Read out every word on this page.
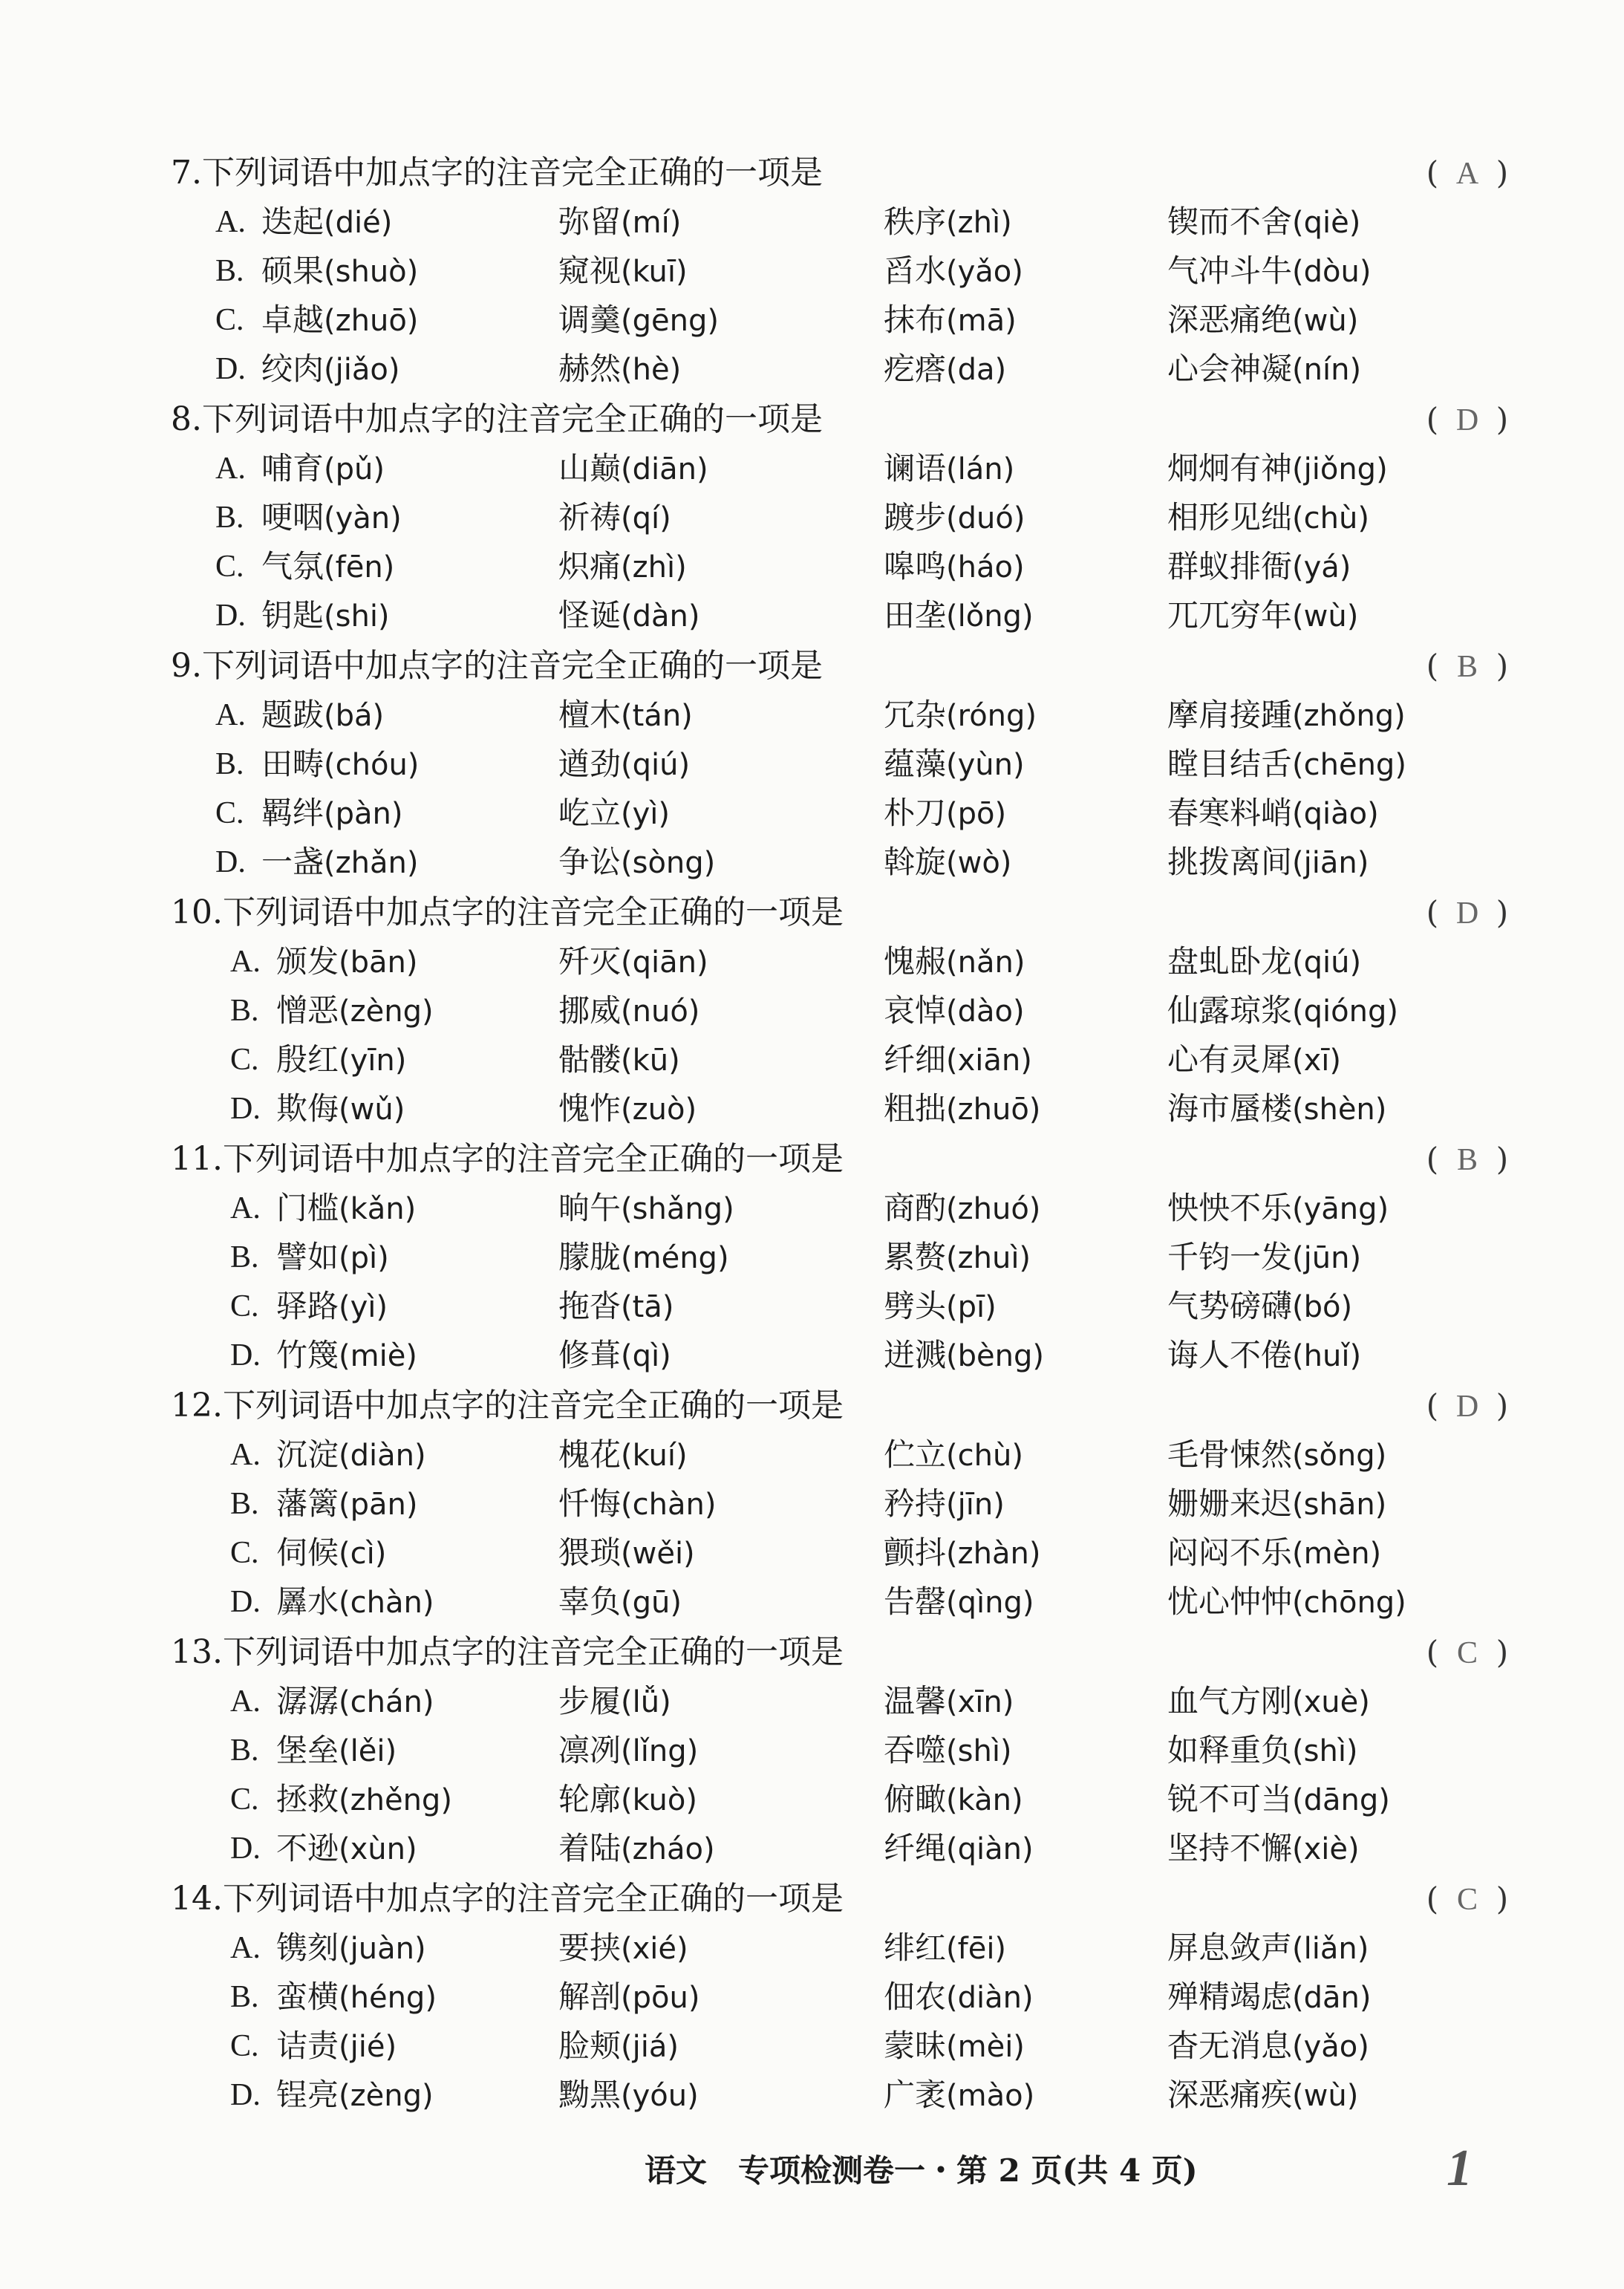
7.下列词语中加点字的注音完全正确的一项是	( A )
A. 迭起(dié)	弥留(mí)	秩序(zhì)	锲而不舍(qiè)
B. 硕果(shuò)	窥视(kuī)	舀水(yǎo)	气冲斗牛(dòu)
C. 卓越(zhuō)	调羹(gēng)	抹布(mā)	深恶痛绝(wù)
D. 绞肉(jiǎo)	赫然(hè)	疙瘩(da)	心会神凝(nín)
8.下列词语中加点字的注音完全正确的一项是	( D )
A. 哺育(pǔ)	山巅(diān)	谰语(lán)	炯炯有神(jiǒng)
B. 哽咽(yàn)	祈祷(qí)	踱步(duó)	相形见绌(chù)
C. 气氛(fēn)	炽痛(zhì)	嗥鸣(háo)	群蚁排衙(yá)
D. 钥匙(shi)	怪诞(dàn)	田垄(lǒng)	兀兀穷年(wù)
9.下列词语中加点字的注音完全正确的一项是	( B )
A. 题跋(bá)	檀木(tán)	冗杂(róng)	摩肩接踵(zhǒng)
B. 田畴(chóu)	遒劲(qiú)	蕴藻(yùn)	瞠目结舌(chēng)
C. 羁绊(pàn)	屹立(yì)	朴刀(pō)	春寒料峭(qiào)
D. 一盏(zhǎn)	争讼(sòng)	斡旋(wò)	挑拨离间(jiān)
10.下列词语中加点字的注音完全正确的一项是	( D )
A. 颁发(bān)	歼灭(qiān)	愧赧(nǎn)	盘虬卧龙(qiú)
B. 憎恶(zèng)	挪威(nuó)	哀悼(dào)	仙露琼浆(qióng)
C. 殷红(yīn)	骷髅(kū)	纤细(xiān)	心有灵犀(xī)
D. 欺侮(wǔ)	愧怍(zuò)	粗拙(zhuō)	海市蜃楼(shèn)
11.下列词语中加点字的注音完全正确的一项是	( B )
A. 门槛(kǎn)	晌午(shǎng)	商酌(zhuó)	怏怏不乐(yāng)
B. 譬如(pì)	朦胧(méng)	累赘(zhuì)	千钧一发(jūn)
C. 驿路(yì)	拖沓(tā)	劈头(pī)	气势磅礴(bó)
D. 竹篾(miè)	修葺(qì)	迸溅(bèng)	诲人不倦(huǐ)
12.下列词语中加点字的注音完全正确的一项是	( D )
A. 沉淀(diàn)	槐花(kuí)	伫立(chù)	毛骨悚然(sǒng)
B. 藩篱(pān)	忏悔(chàn)	矜持(jīn)	姗姗来迟(shān)
C. 伺候(cì)	猥琐(wěi)	颤抖(zhàn)	闷闷不乐(mèn)
D. 羼水(chàn)	辜负(gū)	告罄(qìng)	忧心忡忡(chōng)
13.下列词语中加点字的注音完全正确的一项是	( C )
A. 潺潺(chán)	步履(lǚ)	温馨(xīn)	血气方刚(xuè)
B. 堡垒(lěi)	凛冽(lǐng)	吞噬(shì)	如释重负(shì)
C. 拯救(zhěng)	轮廓(kuò)	俯瞰(kàn)	锐不可当(dāng)
D. 不逊(xùn)	着陆(zháo)	纤绳(qiàn)	坚持不懈(xiè)
14.下列词语中加点字的注音完全正确的一项是	( C )
A. 镌刻(juàn)	要挟(xié)	绯红(fēi)	屏息敛声(liǎn)
B. 蛮横(héng)	解剖(pōu)	佃农(diàn)	殚精竭虑(dān)
C. 诘责(jié)	脸颊(jiá)	蒙昧(mèi)	杳无消息(yǎo)
D. 锃亮(zèng)	黝黑(yóu)	广袤(mào)	深恶痛疾(wù)
语文　专项检测卷一・第 2 页(共 4 页)	1
